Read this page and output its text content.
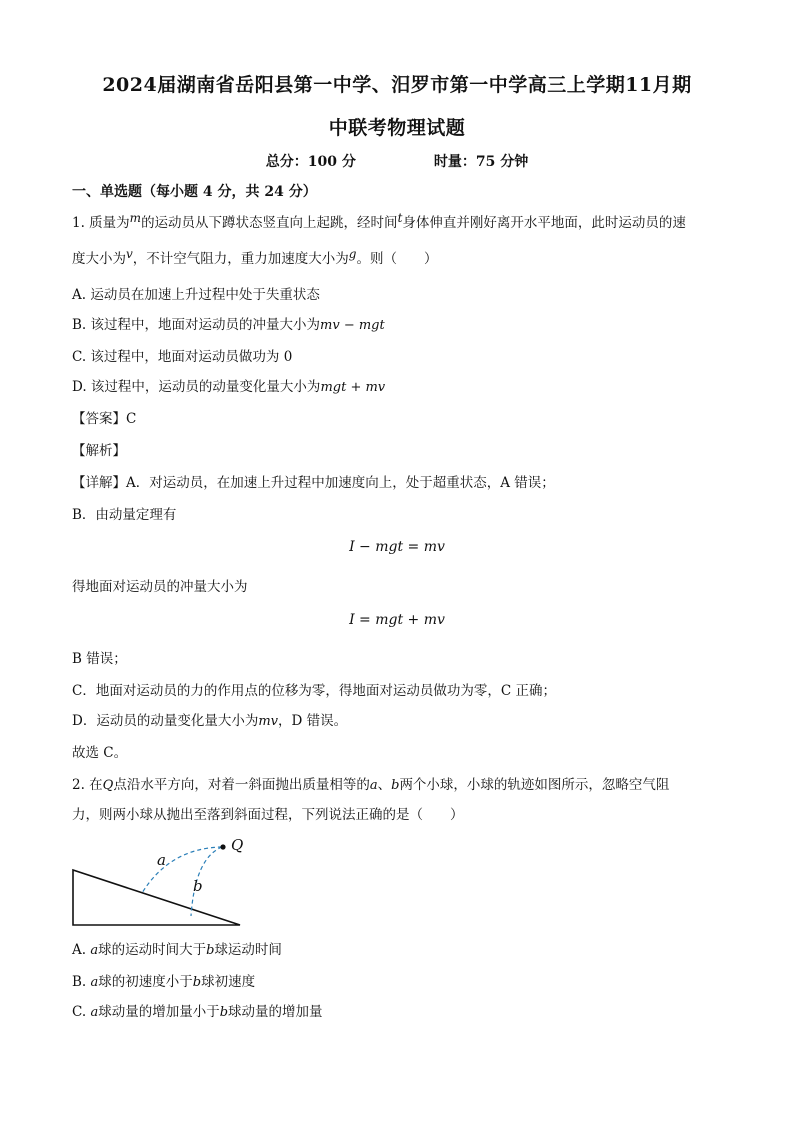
2024届湖南省岳阳县第一中学、汨罗市第一中学高三上学期11月期
中联考物理试题
总分：100 分	时量：75 分钟
一、单选题（每小题 4 分，共 24 分）
1. 质量为m的运动员从下蹲状态竖直向上起跳，经时间t身体伸直并刚好离开水平地面，此时运动员的速
度大小为v，不计空气阻力，重力加速度大小为g。则（　　）
A. 运动员在加速上升过程中处于失重状态
B. 该过程中，地面对运动员的冲量大小为mv − mgt
C. 该过程中，地面对运动员做功为 0
D. 该过程中，运动员的动量变化量大小为mgt + mv
【答案】C
【解析】
【详解】A．对运动员，在加速上升过程中加速度向上，处于超重状态，A 错误；
B．由动量定理有
I − mgt = mv
得地面对运动员的冲量大小为
I = mgt + mv
B 错误；
C．地面对运动员的力的作用点的位移为零，得地面对运动员做功为零，C 正确；
D．运动员的动量变化量大小为mv，D 错误。
故选 C。
2. 在Q点沿水平方向，对着一斜面抛出质量相等的a、b两个小球，小球的轨迹如图所示，忽略空气阻
力，则两小球从抛出至落到斜面过程，下列说法正确的是（　　）
Q
a
b
A. a球的运动时间大于b球运动时间
B. a球的初速度小于b球初速度
C. a球动量的增加量小于b球动量的增加量
